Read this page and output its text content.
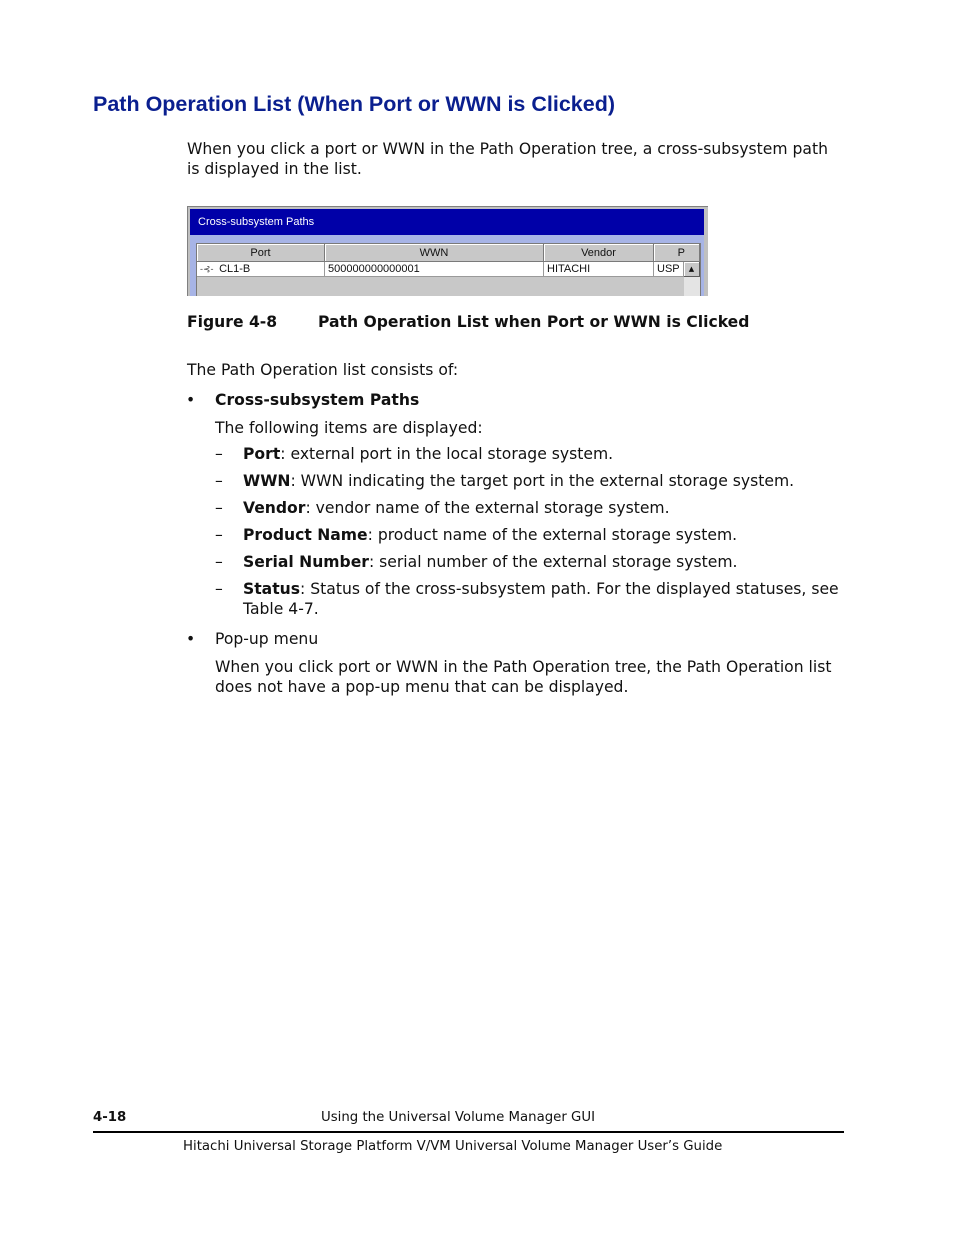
Path Operation List (When Port or WWN is Clicked)

When you click a port or WWN in the Path Operation tree, a cross-subsystem path is displayed in the list.

Cross-subsystem Paths
Port	WWN	Vendor	P
-⊰- CL1-B	500000000000001	HITACHI	USP	▲
Figure 4-8	Path Operation List when Port or WWN is Clicked

The Path Operation list consists of:

• Cross-subsystem Paths

The following items are displayed:

– Port: external port in the local storage system.

– WWN: WWN indicating the target port in the external storage system.

– Vendor: vendor name of the external storage system.

– Product Name: product name of the external storage system.

– Serial Number: serial number of the external storage system.

– Status: Status of the cross-subsystem path. For the displayed statuses, see Table 4-7.

• Pop-up menu

When you click port or WWN in the Path Operation tree, the Path Operation list does not have a pop-up menu that can be displayed.

4-18	Using the Universal Volume Manager GUI
Hitachi Universal Storage Platform V/VM Universal Volume Manager User’s Guide
